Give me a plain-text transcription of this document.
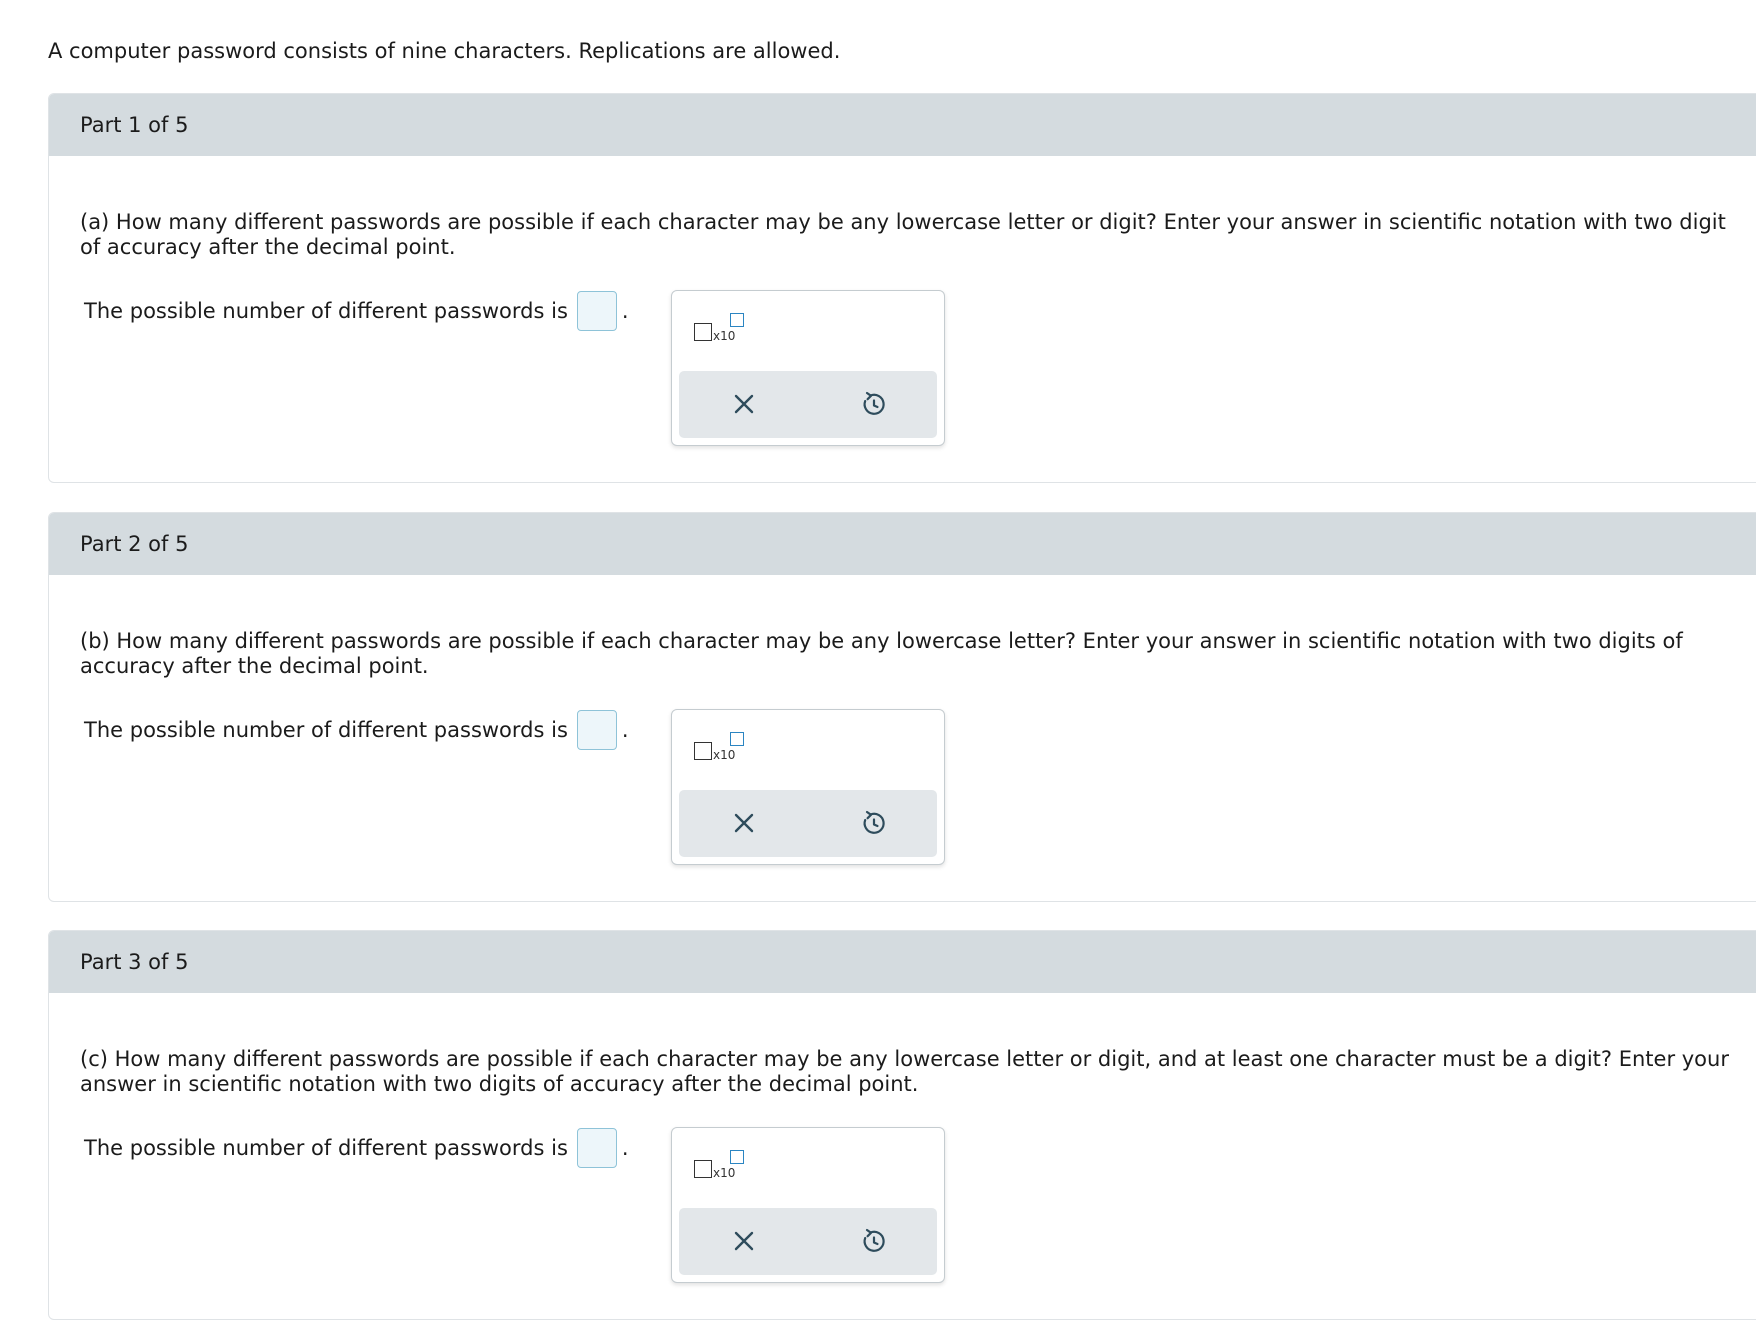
A computer password consists of nine characters. Replications are allowed.
Part 1 of 5
(a) How many different passwords are possible if each character may be any lowercase letter or digit? Enter your answer in scientific notation with two digit of accuracy after the decimal point.
The possible number of different passwords is	.
x10
Part 2 of 5
(b) How many different passwords are possible if each character may be any lowercase letter? Enter your answer in scientific notation with two digits of accuracy after the decimal point.
The possible number of different passwords is	.
x10
Part 3 of 5
(c) How many different passwords are possible if each character may be any lowercase letter or digit, and at least one character must be a digit? Enter your answer in scientific notation with two digits of accuracy after the decimal point.
The possible number of different passwords is	.
x10
